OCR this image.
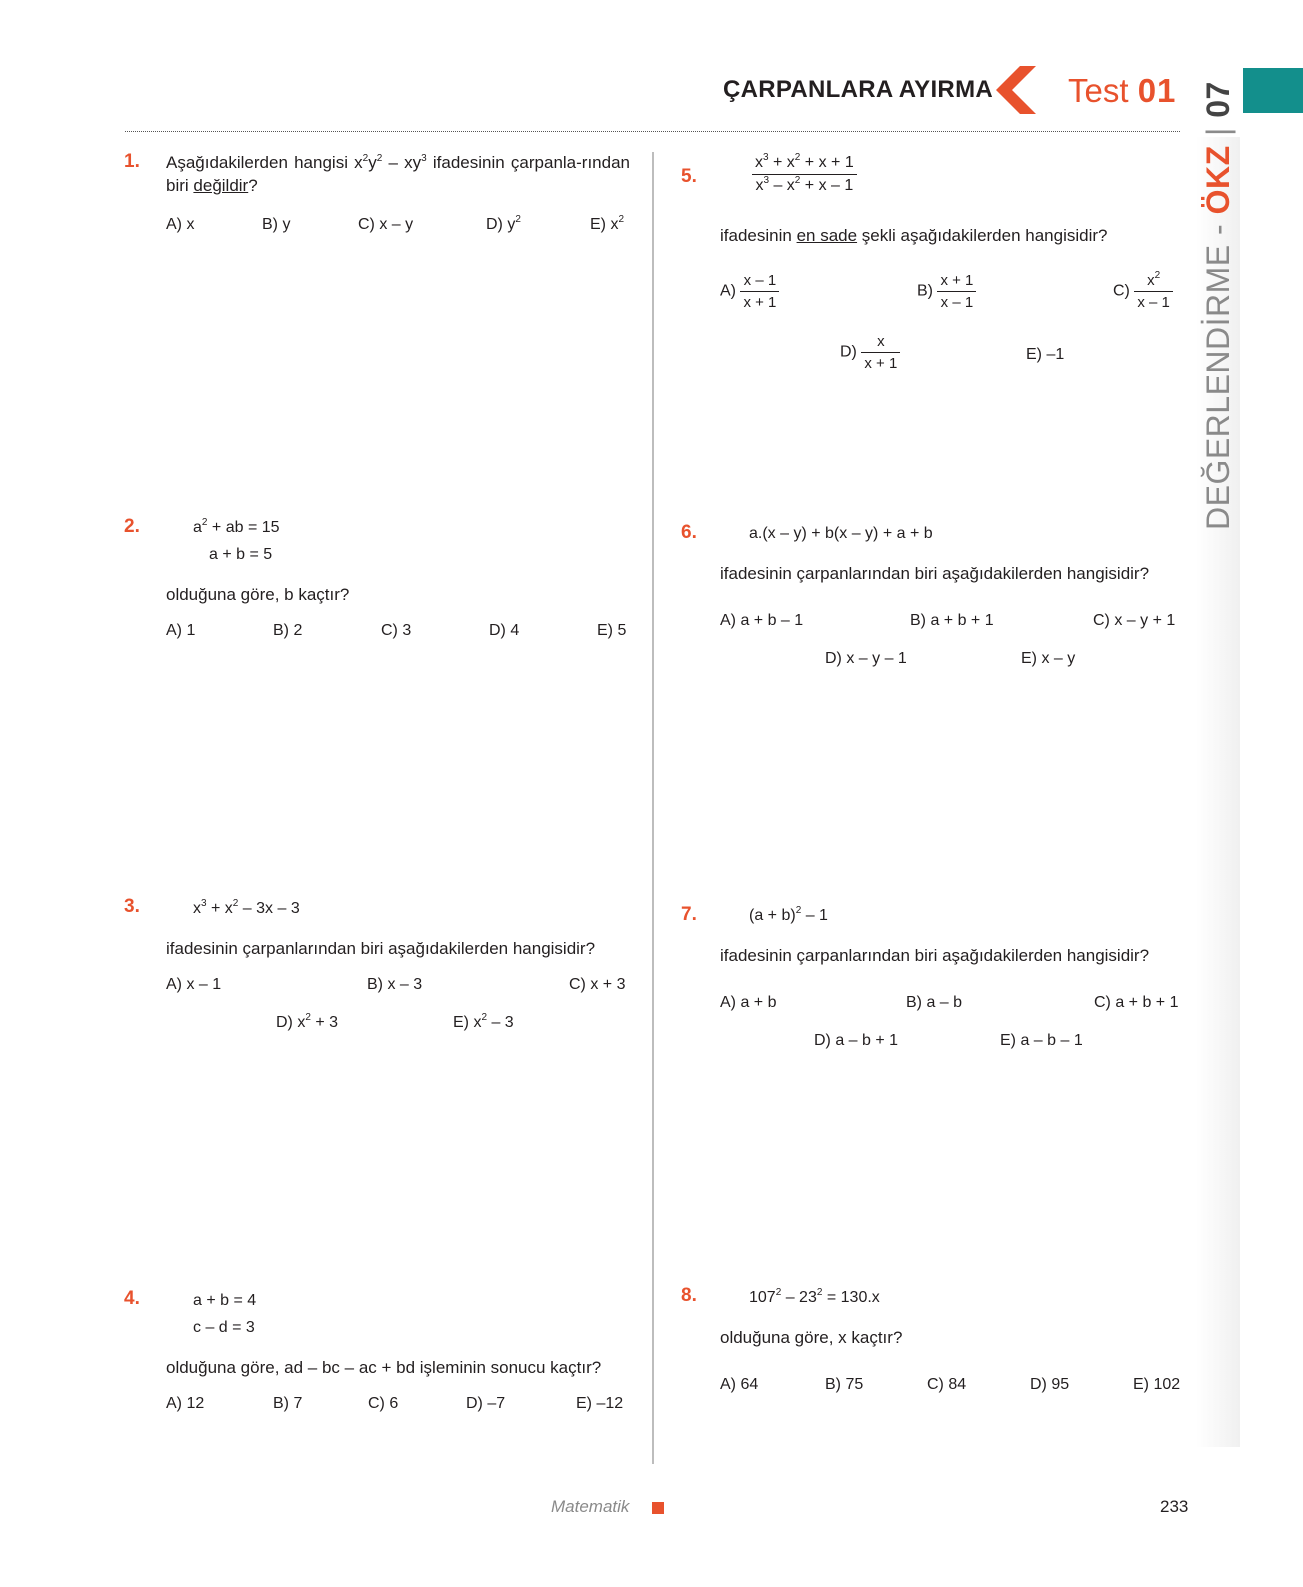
ÇARPANLARA AYIRMA Test 01
DEĞERLENDİRME - ÖKZ | 07
1. Aşağıdakilerden hangisi $x^2y^2 - xy^3$ ifadesinin çarpanla-rından biri değildir?
A) x	B) y	C) x – y	D) $y^2$	E) $x^2$
2.	$a^2$ + ab = 15
a + b = 5
olduğuna göre, b kaçtır?
A) 1	B) 2	C) 3	D) 4	E) 5
3.	$x^3 + x^2 - 3x - 3$
ifadesinin çarpanlarından biri aşağıdakilerden hangisidir?
A) x – 1	B) x – 3	C) x + 3
D) $x^2 + 3$	E) $x^2 - 3$
4.	a + b = 4
c – d = 3
olduğuna göre, ad – bc – ac + bd işleminin sonucu kaçtır?
A) 12	B) 7	C) 6	D) –7	E) –12
5.	$\frac{x^3 + x^2 + x + 1}{x^3 - x^2 + x - 1}$
ifadesinin en sade şekli aşağıdakilerden hangisidir?
$A) \frac{x - 1}{x + 1}$	$B) \frac{x + 1}{x - 1}$	$C) \frac{x^2}{x - 1}$
$D) \frac{x}{x + 1}$	E) –1
6.	a.(x – y) + b(x – y) + a + b
ifadesinin çarpanlarından biri aşağıdakilerden hangisidir?
A) a + b – 1	B) a + b + 1	C) x – y + 1
D) x – y – 1	E) x – y
7.	$(a + b)^2 - 1$
ifadesinin çarpanlarından biri aşağıdakilerden hangisidir?
A) a + b	B) a – b	C) a + b + 1
D) a – b + 1	E) a – b – 1
8.	$107^2 - 23^2 = 130.x$
olduğuna göre, x kaçtır?
A) 64	B) 75	C) 84	D) 95	E) 102
Matematik	233
